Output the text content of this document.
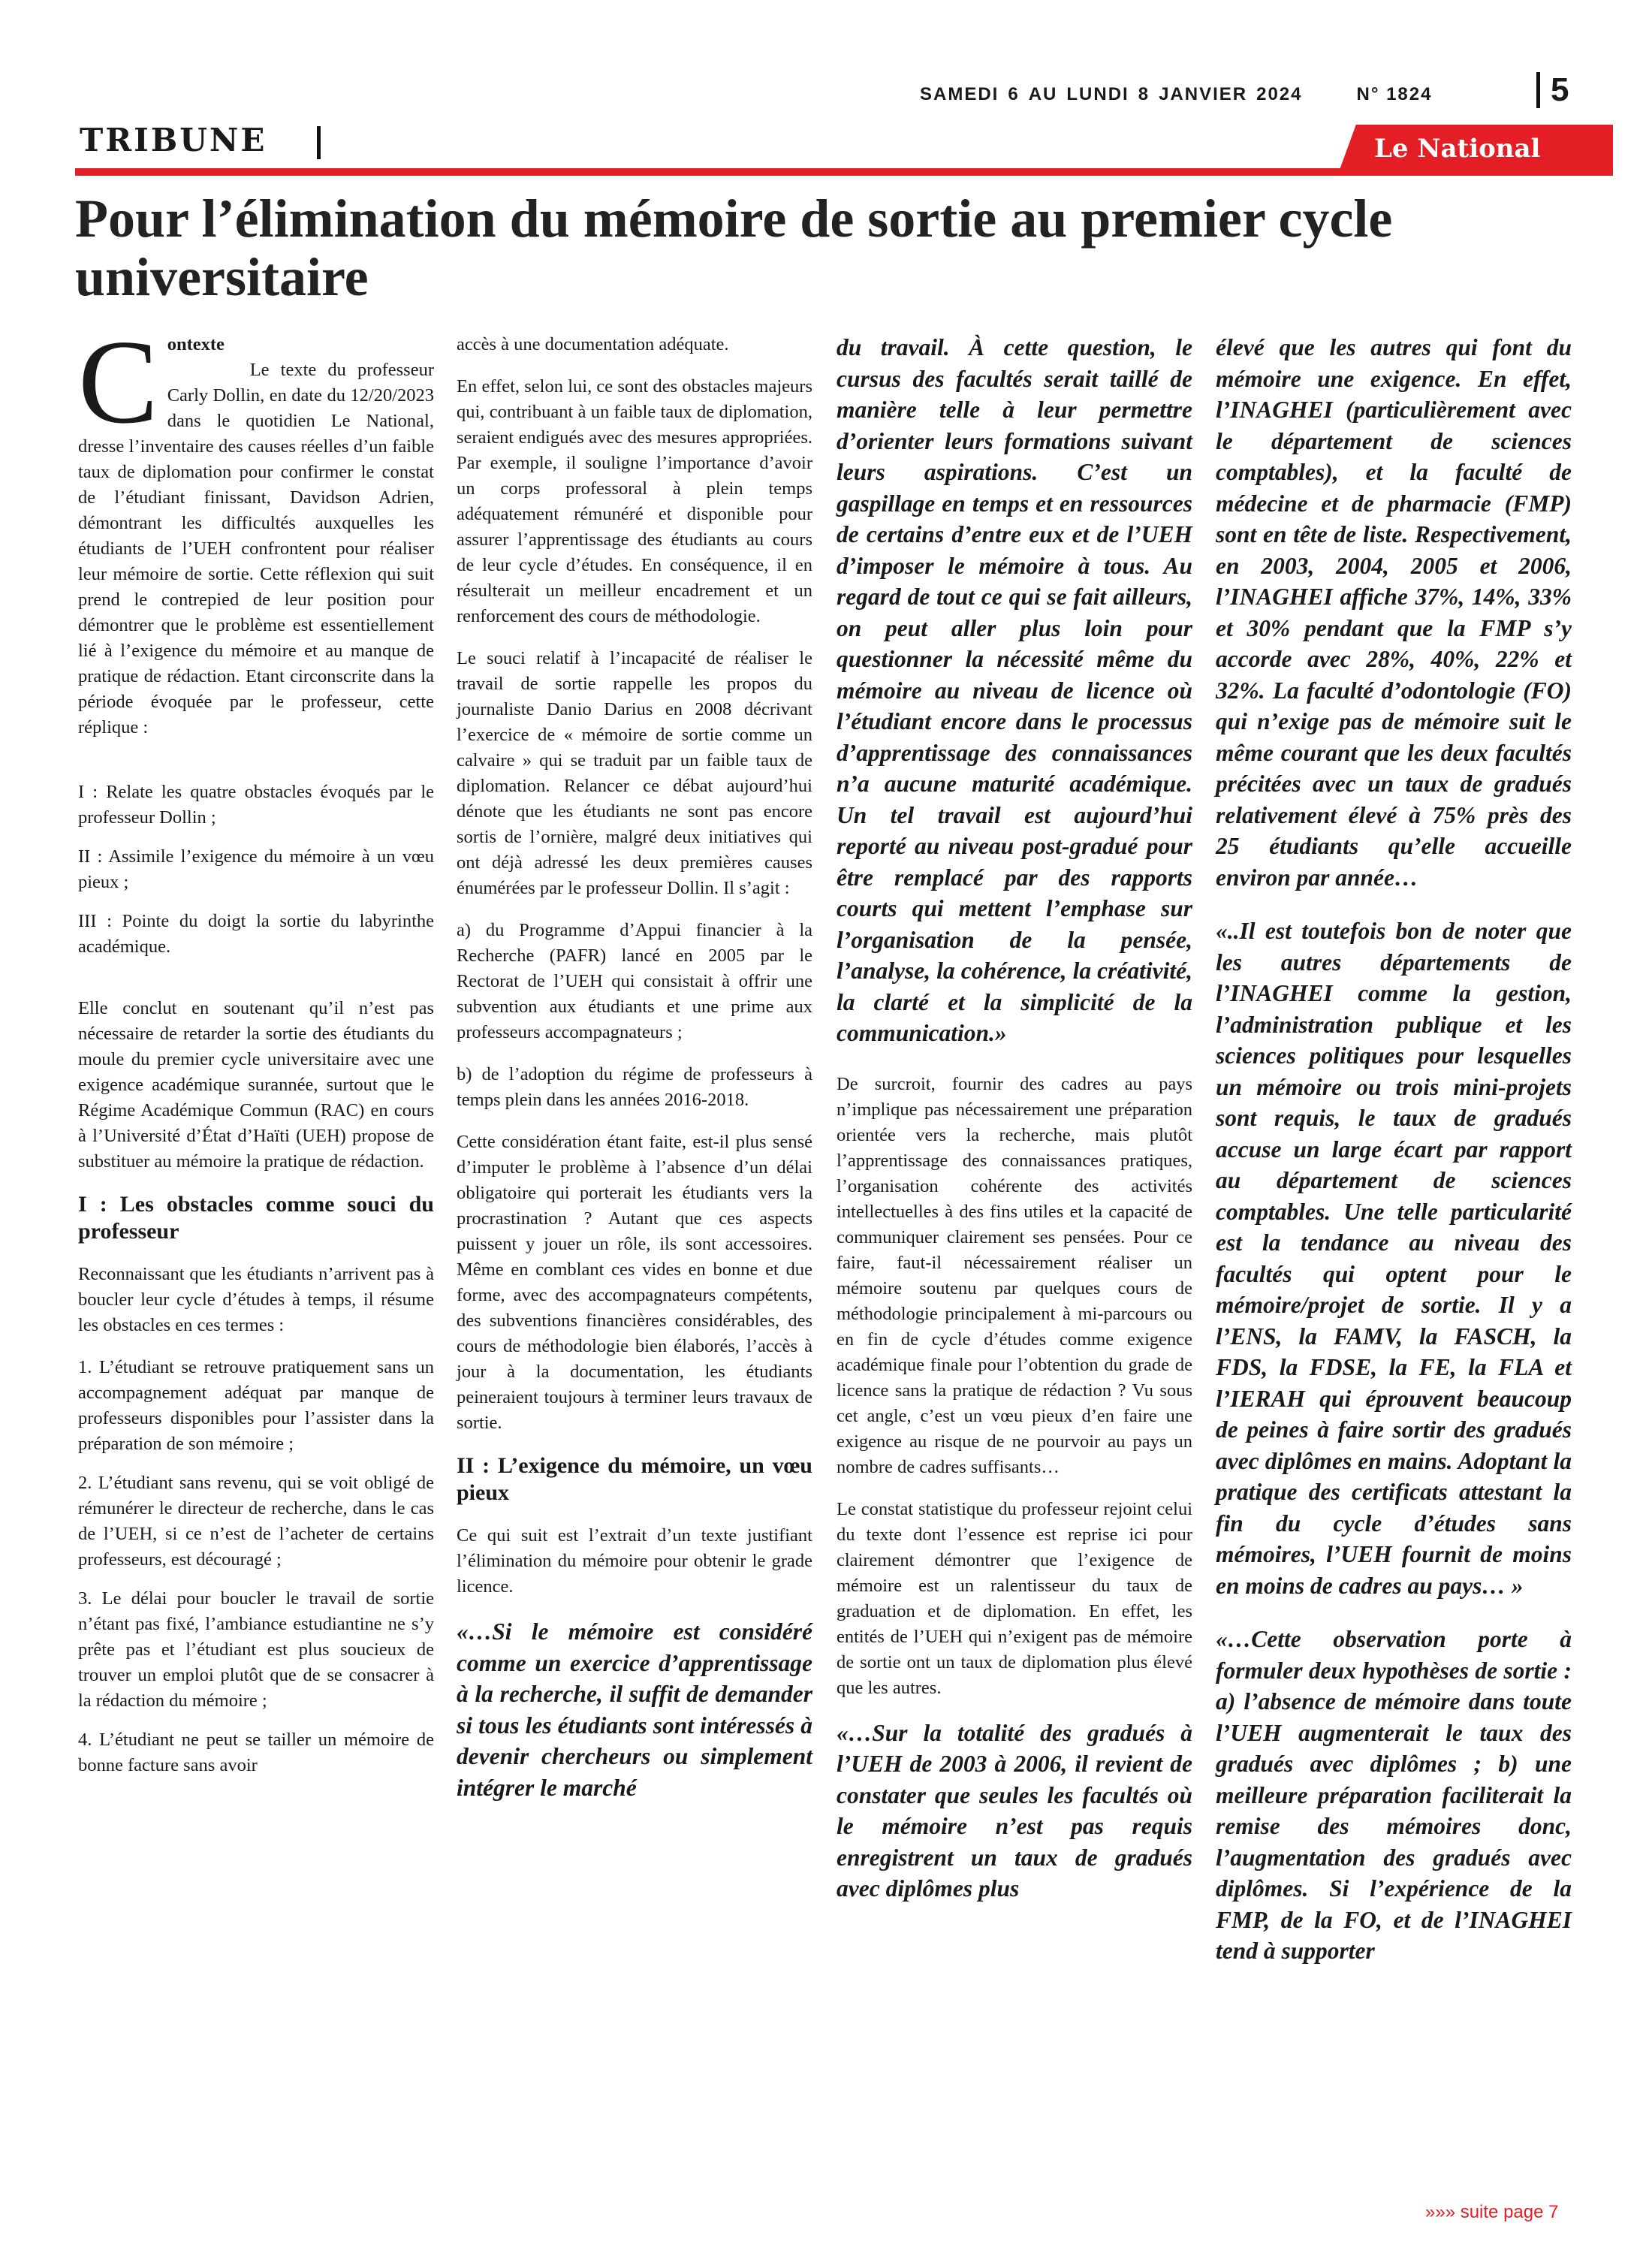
SAMEDI 6 AU LUNDI 8 JANVIER 2024	N° 1824	5
TRIBUNE	Le National
Pour l’élimination du mémoire de sortie au premier cycle universitaire
C ontexte

Le texte du professeur Carly Dollin, en date du 12/20/2023 dans le quotidien Le National, dresse l’inventaire des causes réelles d’un faible taux de diplomation pour confirmer le constat de l’étudiant finissant, Davidson Adrien, démontrant les difficultés auxquelles les étudiants de l’UEH confrontent pour réaliser leur mémoire de sortie. Cette réflexion qui suit prend le contrepied de leur position pour démontrer que le problème est essentiellement lié à l’exigence du mémoire et au manque de pratique de rédaction. Etant circonscrite dans la période évoquée par le professeur, cette réplique :

I : Relate les quatre obstacles évoqués par le professeur Dollin ;

II : Assimile l’exigence du mémoire à un vœu pieux ;

III : Pointe du doigt la sortie du labyrinthe académique.

Elle conclut en soutenant qu’il n’est pas nécessaire de retarder la sortie des étudiants du moule du premier cycle universitaire avec une exigence académique surannée, surtout que le Régime Académique Commun (RAC) en cours à l’Université d’État d’Haïti (UEH) propose de substituer au mémoire la pratique de rédaction.

I : Les obstacles comme souci du professeur

Reconnaissant que les étudiants n’arrivent pas à boucler leur cycle d’études à temps, il résume les obstacles en ces termes :

1. L’étudiant se retrouve pratiquement sans un accompagnement adéquat par manque de professeurs disponibles pour l’assister dans la préparation de son mémoire ;

2. L’étudiant sans revenu, qui se voit obligé de rémunérer le directeur de recherche, dans le cas de l’UEH, si ce n’est de l’acheter de certains professeurs, est découragé ;

3. Le délai pour boucler le travail de sortie n’étant pas fixé, l’ambiance estudiantine ne s’y prête pas et l’étudiant est plus soucieux de trouver un emploi plutôt que de se consacrer à la rédaction du mémoire ;

4. L’étudiant ne peut se tailler un mémoire de bonne facture sans avoir

accès à une documentation adéquate.

En effet, selon lui, ce sont des obstacles majeurs qui, contribuant à un faible taux de diplomation, seraient endigués avec des mesures appropriées. Par exemple, il souligne l’importance d’avoir un corps professoral à plein temps adéquatement rémunéré et disponible pour assurer l’apprentissage des étudiants au cours de leur cycle d’études. En conséquence, il en résulterait un meilleur encadrement et un renforcement des cours de méthodologie.

Le souci relatif à l’incapacité de réaliser le travail de sortie rappelle les propos du journaliste Danio Darius en 2008 décrivant l’exercice de « mémoire de sortie comme un calvaire » qui se traduit par un faible taux de diplomation. Relancer ce débat aujourd’hui dénote que les étudiants ne sont pas encore sortis de l’ornière, malgré deux initiatives qui ont déjà adressé les deux premières causes énumérées par le professeur Dollin. Il s’agit :

a) du Programme d’Appui financier à la Recherche (PAFR) lancé en 2005 par le Rectorat de l’UEH qui consistait à offrir une subvention aux étudiants et une prime aux professeurs accompagnateurs ;

b) de l’adoption du régime de professeurs à temps plein dans les années 2016-2018.

Cette considération étant faite, est-il plus sensé d’imputer le problème à l’absence d’un délai obligatoire qui porterait les étudiants vers la procrastination ? Autant que ces aspects puissent y jouer un rôle, ils sont accessoires. Même en comblant ces vides en bonne et due forme, avec des accompagnateurs compétents, des subventions financières considérables, des cours de méthodologie bien élaborés, l’accès à jour à la documentation, les étudiants peineraient toujours à terminer leurs travaux de sortie.

II : L’exigence du mémoire, un vœu pieux

Ce qui suit est l’extrait d’un texte justifiant l’élimination du mémoire pour obtenir le grade licence.

«…Si le mémoire est considéré comme un exercice d’apprentissage à la recherche, il suffit de demander si tous les étudiants sont intéressés à devenir chercheurs ou simplement intégrer le marché

du travail. À cette question, le cursus des facultés serait taillé de manière telle à leur permettre d’orienter leurs formations suivant leurs aspirations. C’est un gaspillage en temps et en ressources de certains d’entre eux et de l’UEH d’imposer le mémoire à tous. Au regard de tout ce qui se fait ailleurs, on peut aller plus loin pour questionner la nécessité même du mémoire au niveau de licence où l’étudiant encore dans le processus d’apprentissage des connaissances n’a aucune maturité académique. Un tel travail est aujourd’hui reporté au niveau post-gradué pour être remplacé par des rapports courts qui mettent l’emphase sur l’organisation de la pensée, l’analyse, la cohérence, la créativité, la clarté et la simplicité de la communication.»

De surcroit, fournir des cadres au pays n’implique pas nécessairement une préparation orientée vers la recherche, mais plutôt l’apprentissage des connaissances pratiques, l’organisation cohérente des activités intellectuelles à des fins utiles et la capacité de communiquer clairement ses pensées. Pour ce faire, faut-il nécessairement réaliser un mémoire soutenu par quelques cours de méthodologie principalement à mi-parcours ou en fin de cycle d’études comme exigence académique finale pour l’obtention du grade de licence sans la pratique de rédaction ? Vu sous cet angle, c’est un vœu pieux d’en faire une exigence au risque de ne pourvoir au pays un nombre de cadres suffisants…

Le constat statistique du professeur rejoint celui du texte dont l’essence est reprise ici pour clairement démontrer que l’exigence de mémoire est un ralentisseur du taux de graduation et de diplomation. En effet, les entités de l’UEH qui n’exigent pas de mémoire de sortie ont un taux de diplomation plus élevé que les autres.

«…Sur la totalité des gradués à l’UEH de 2003 à 2006, il revient de constater que seules les facultés où le mémoire n’est pas requis enregistrent un taux de gradués avec diplômes plus

élevé que les autres qui font du mémoire une exigence. En effet, l’INAGHEI (particulièrement avec le département de sciences comptables), et la faculté de médecine et de pharmacie (FMP) sont en tête de liste. Respectivement, en 2003, 2004, 2005 et 2006, l’INAGHEI affiche 37%, 14%, 33% et 30% pendant que la FMP s’y accorde avec 28%, 40%, 22% et 32%. La faculté d’odontologie (FO) qui n’exige pas de mémoire suit le même courant que les deux facultés précitées avec un taux de gradués relativement élevé à 75% près des 25 étudiants qu’elle accueille environ par année…

«..Il est toutefois bon de noter que les autres départements de l’INAGHEI comme la gestion, l’administration publique et les sciences politiques pour lesquelles un mémoire ou trois mini-projets sont requis, le taux de gradués accuse un large écart par rapport au département de sciences comptables. Une telle particularité est la tendance au niveau des facultés qui optent pour le mémoire/projet de sortie. Il y a l’ENS, la FAMV, la FASCH, la FDS, la FDSE, la FE, la FLA et l’IERAH qui éprouvent beaucoup de peines à faire sortir des gradués avec diplômes en mains. Adoptant la pratique des certificats attestant la fin du cycle d’études sans mémoires, l’UEH fournit de moins en moins de cadres au pays… »

«…Cette observation porte à formuler deux hypothèses de sortie : a) l’absence de mémoire dans toute l’UEH augmenterait le taux des gradués avec diplômes ; b) une meilleure préparation faciliterait la remise des mémoires donc, l’augmentation des gradués avec diplômes. Si l’expérience de la FMP, de la FO, et de l’INAGHEI tend à supporter

»»» suite page 7
